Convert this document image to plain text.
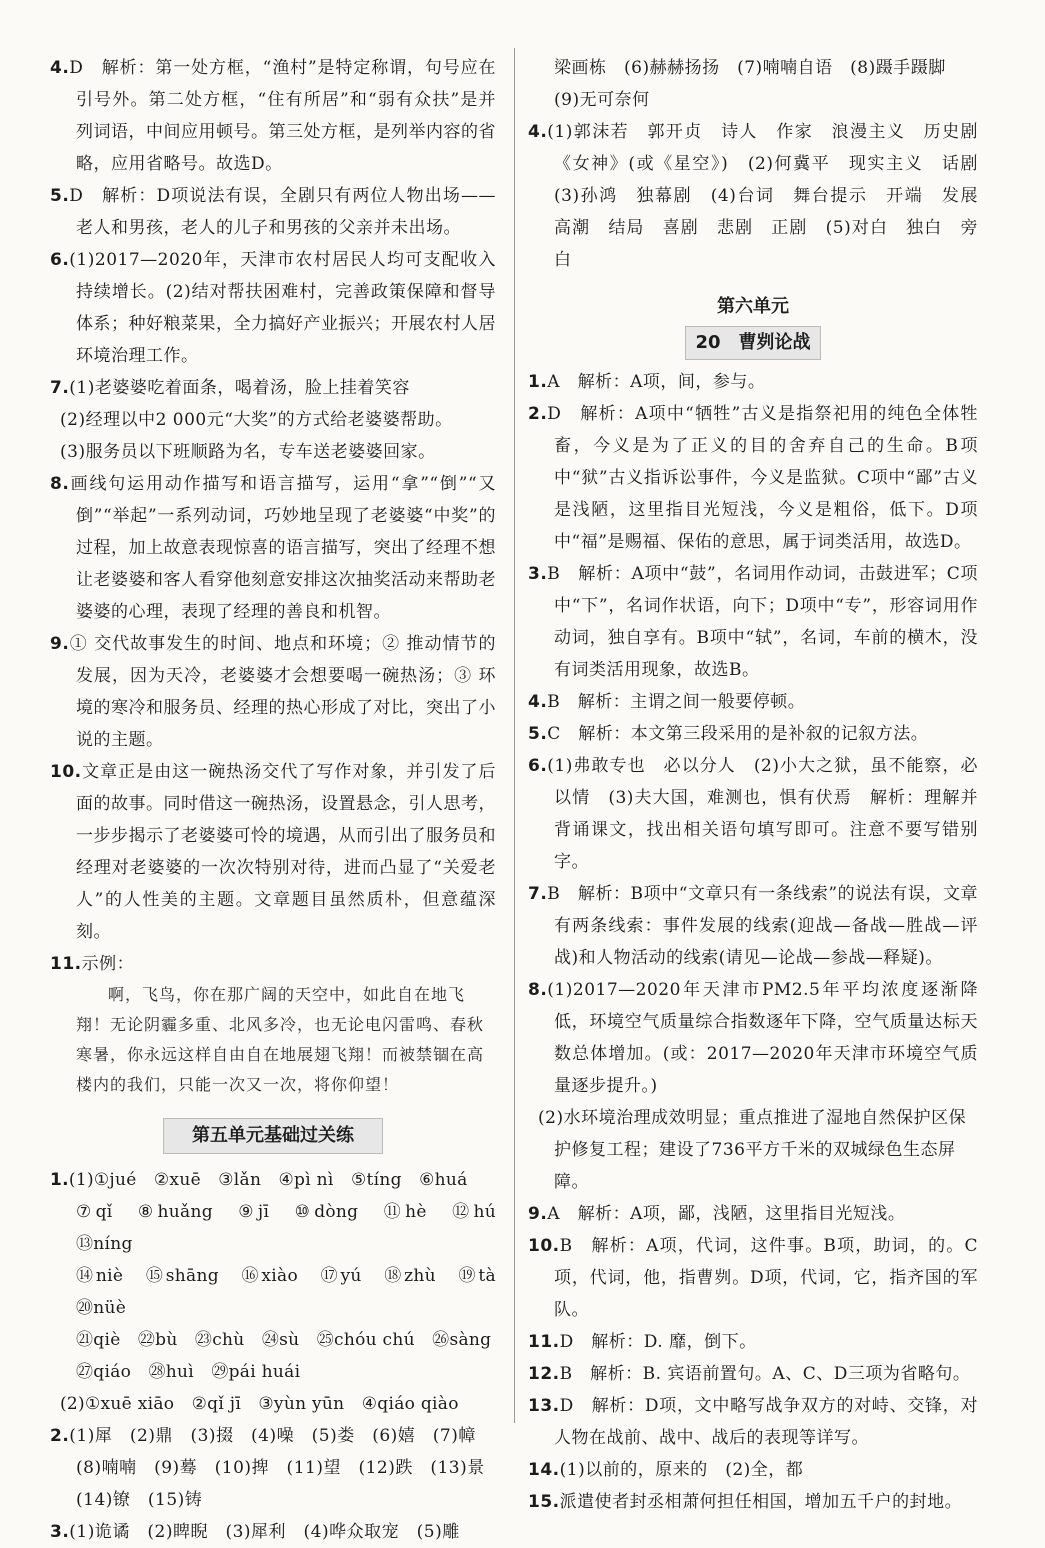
4.D　解析：第一处方框，“渔村”是特定称谓，句号应在引号外。第二处方框，“住有所居”和“弱有众扶”是并列词语，中间应用顿号。第三处方框，是列举内容的省略，应用省略号。故选D。
5.D　解析：D项说法有误，全剧只有两位人物出场——老人和男孩，老人的儿子和男孩的父亲并未出场。
6.(1)2017—2020年，天津市农村居民人均可支配收入持续增长。(2)结对帮扶困难村，完善政策保障和督导体系；种好粮菜果，全力搞好产业振兴；开展农村人居环境治理工作。
7.(1)老婆婆吃着面条，喝着汤，脸上挂着笑容
(2)经理以中2 000元“大奖”的方式给老婆婆帮助。
(3)服务员以下班顺路为名，专车送老婆婆回家。
8.画线句运用动作描写和语言描写，运用“拿”“倒”“又倒”“举起”一系列动词，巧妙地呈现了老婆婆“中奖”的过程，加上故意表现惊喜的语言描写，突出了经理不想让老婆婆和客人看穿他刻意安排这次抽奖活动来帮助老婆婆的心理，表现了经理的善良和机智。
9.① 交代故事发生的时间、地点和环境；② 推动情节的发展，因为天冷，老婆婆才会想要喝一碗热汤；③ 环境的寒冷和服务员、经理的热心形成了对比，突出了小说的主题。
10.文章正是由这一碗热汤交代了写作对象，并引发了后面的故事。同时借这一碗热汤，设置悬念，引人思考，一步步揭示了老婆婆可怜的境遇，从而引出了服务员和经理对老婆婆的一次次特别对待，进而凸显了“关爱老人”的人性美的主题。文章题目虽然质朴，但意蕴深刻。
11.示例：
啊，飞鸟，你在那广阔的天空中，如此自在地飞翔！无论阴霾多重、北风多冷，也无论电闪雷鸣、春秋寒暑，你永远这样自由自在地展翅飞翔！而被禁锢在高楼内的我们，只能一次又一次，将你仰望！
第五单元基础过关练
1.(1)①jué　②xuē　③lǎn　④pì nì　⑤tíng　⑥huá
⑦qǐ　⑧huǎng　⑨jī　⑩dòng　⑪hè　⑫hú　⑬níng
⑭niè　⑮shāng　⑯xiào　⑰yú　⑱zhù　⑲tà　⑳nüè
㉑qiè　㉒bù　㉓chù　㉔sù　㉕chóu chú　㉖sàng
㉗qiáo　㉘huì　㉙pái huái
(2)①xuē xiāo　②qǐ jī　③yùn yūn　④qiáo qiào
2.(1)犀　(2)鼎　(3)掇　(4)噪　(5)娄　(6)嬉　(7)幛
(8)喃喃　(9)蓦　(10)捭　(11)望　(12)跌　(13)景
(14)镣　(15)铸
3.(1)诡谲　(2)睥睨　(3)犀利　(4)哗众取宠　(5)雕
梁画栋　(6)赫赫扬扬　(7)喃喃自语　(8)蹑手蹑脚
(9)无可奈何
4.(1)郭沫若　郭开贞　诗人　作家　浪漫主义　历史剧《女神》(或《星空》)　(2)何冀平　现实主义　话剧　(3)孙鸿　独幕剧　(4)台词　舞台提示　开端　发展　高潮　结局　喜剧　悲剧　正剧　(5)对白　独白　旁白
第六单元
20　曹刿论战
1.A　解析：A项，间，参与。
2.D　解析：A项中“牺牲”古义是指祭祀用的纯色全体牲畜，今义是为了正义的目的舍弃自己的生命。B项中“狱”古义指诉讼事件，今义是监狱。C项中“鄙”古义是浅陋，这里指目光短浅，今义是粗俗，低下。D项中“福”是赐福、保佑的意思，属于词类活用，故选D。
3.B　解析：A项中“鼓”，名词用作动词，击鼓进军；C项中“下”，名词作状语，向下；D项中“专”，形容词用作动词，独自享有。B项中“轼”，名词，车前的横木，没有词类活用现象，故选B。
4.B　解析：主谓之间一般要停顿。
5.C　解析：本文第三段采用的是补叙的记叙方法。
6.(1)弗敢专也　必以分人　(2)小大之狱，虽不能察，必以情　(3)夫大国，难测也，惧有伏焉　解析：理解并背诵课文，找出相关语句填写即可。注意不要写错别字。
7.B　解析：B项中“文章只有一条线索”的说法有误，文章有两条线索：事件发展的线索(迎战—备战—胜战—评战)和人物活动的线索(请见—论战—参战—释疑)。
8.(1)2017—2020年天津市PM2.5年平均浓度逐渐降低，环境空气质量综合指数逐年下降，空气质量达标天数总体增加。(或：2017—2020年天津市环境空气质量逐步提升。)
(2)水环境治理成效明显；重点推进了湿地自然保护区保护修复工程；建设了736平方千米的双城绿色生态屏障。
9.A　解析：A项，鄙，浅陋，这里指目光短浅。
10.B　解析：A项，代词，这件事。B项，助词，的。C项，代词，他，指曹刿。D项，代词，它，指齐国的军队。
11.D　解析：D. 靡，倒下。
12.B　解析：B. 宾语前置句。A、C、D三项为省略句。
13.D　解析：D项，文中略写战争双方的对峙、交锋，对人物在战前、战中、战后的表现等详写。
14.(1)以前的，原来的　(2)全，都
15.派遣使者封丞相萧何担任相国，增加五千户的封地。
